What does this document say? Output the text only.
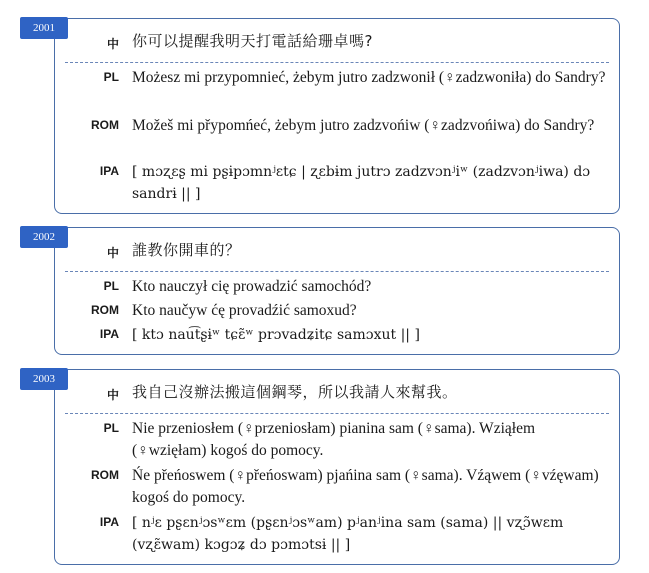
2001
中 你可以提醒我明天打電話給珊卓嗎?
PL Możesz mi przypomnieć, żebym jutro zadzwonił (♀zadzwoniła) do Sandry?
ROM Možeš mi přypomńeć, żebym jutro zadzvońiw (♀zadzvońiwa) do Sandry?
IPA [ mɔʐɛʂ mi pʂɨpɔmnʲɛtɕ | ʐɛbɨm jutrɔ zadzvɔnʲiʷ (zadzvɔnʲiwa) dɔ sandrɨ || ]
2002
中 誰教你開車的？
PL Kto nauczył cię prowadzić samochód?
ROM Kto naučyw ćę provadźić samoxud?
IPA [ ktɔ nau͡tʂɨʷ tɕɛ̃ʷ prɔvadʑitɕ samɔxut || ]
2003
中 我自己沒辦法搬這個鋼琴，所以我請人來幫我。
PL Nie przeniosłem (♀przeniosłam) pianina sam (♀sama). Wziąłem (♀wzięłam) kogoś do pomocy.
ROM Ńe přeńoswem (♀přeńoswam) pjańina sam (♀sama). Vźąwem (♀vźęwam) kogoś do pomocy.
IPA [ nʲɛ pʂɛnʲɔsʷɛm (pʂɛnʲɔsʷam) pʲanʲina sam (sama) || vʐɔ̃wɛm (vʐɛ̃wam) kɔgɔʑ dɔ pɔmɔtsɨ || ]
